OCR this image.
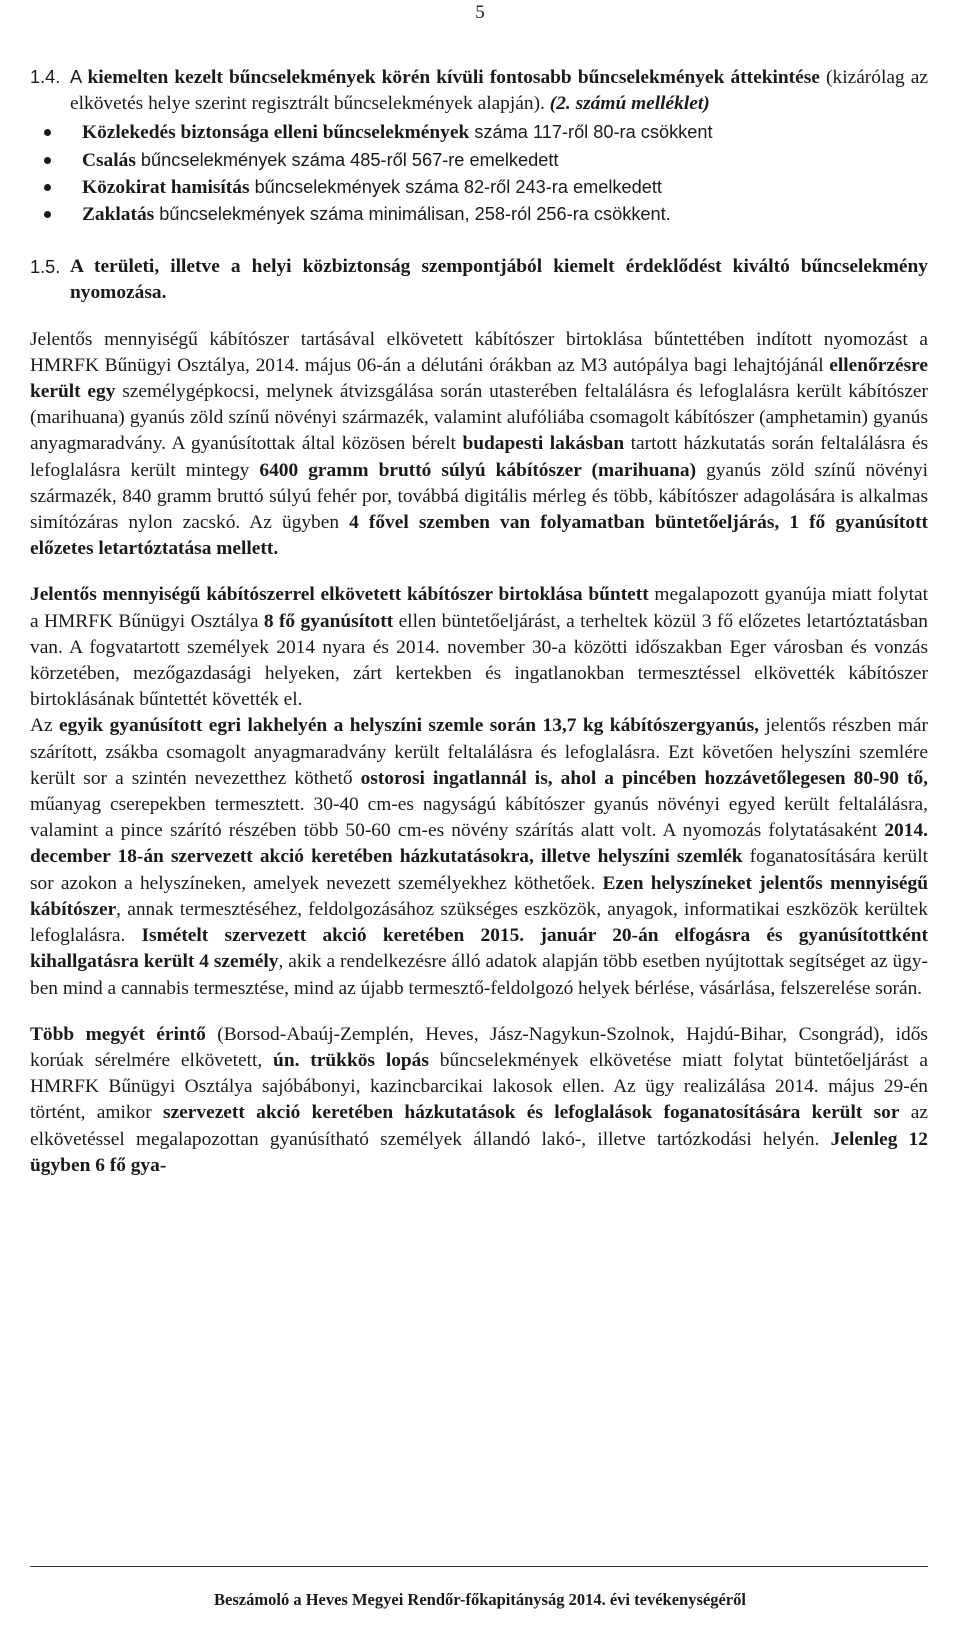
5
1.4. A kiemelten kezelt bűncselekmények körén kívüli fontosabb bűncselekmények áttekintése (kizárólag az elkövetés helye szerint regisztrált bűncselekmények alapján). (2. számú melléklet)

Közlekedés biztonsága elleni bűncselekmények száma 117-ről 80-ra csökkent
Csalás bűncselekmények száma 485-ről 567-re emelkedett
Közokirat hamisítás bűncselekmények száma 82-ről 243-ra emelkedett
Zaklatás bűncselekmények száma minimálisan, 258-ról 256-ra csökkent.
1.5. A területi, illetve a helyi közbiztonság szempontjából kiemelt érdeklődést kiváltó bűncselekmény nyomozása.

Jelentős mennyiségű kábítószer tartásával elkövetett kábítószer birtoklása bűntettében indított nyomozást a HMRFK Bűnügyi Osztálya, 2014. május 06-án a délutáni órákban az M3 autópálya bagi lehajtójánál ellenőrzésre került egy személygépkocsi, melynek átvizsgálása során utasterében feltalálásra és lefoglalásra került kábítószer (marihuana) gyanús zöld színű növényi származék, valamint alufóliába csomagolt kábítószer (amphetamin) gyanús anyagmaradvány. A gyanúsítottak által közösen bérelt budapesti lakásban tartott házkutatás során feltalálásra és lefoglalásra került mintegy 6400 gramm bruttó súlyú kábítószer (marihuana) gyanús zöld színű növényi származék, 840 gramm bruttó súlyú fehér por, továbbá digitális mérleg és több, kábítószer adagolására is alkalmas simítózáras nylon zacskó. Az ügyben 4 fővel szemben van folyamatban büntetőeljárás, 1 fő gyanúsított előzetes letartóztatása mellett.

Jelentős mennyiségű kábítószerrel elkövetett kábítószer birtoklása bűntett megalapozott gyanúja miatt folytat a HMRFK Bűnügyi Osztálya 8 fő gyanúsított ellen büntetőeljárást, a terheltek közül 3 fő előzetes letartóztatásban van. A fogvatartott személyek 2014 nyara és 2014. november 30-a közötti időszakban Eger városban és vonzás körzetében, mezőgazdasági helyeken, zárt kertekben és ingatlanokban termesztéssel elkövették kábítószer birtoklásának bűntettét követték el.

Az egyik gyanúsított egri lakhelyén a helyszíni szemle során 13,7 kg kábítószergyanús, jelentős részben már szárított, zsákba csomagolt anyagmaradvány került feltalálásra és lefoglalásra. Ezt követően helyszíni szemlére került sor a szintén nevezetthez köthető ostorosi ingatlannál is, ahol a pincében hozzávetőlegesen 80-90 tő, műanyag cserepekben termesztett. 30-40 cm-es nagyságú kábítószer gyanús növényi egyed került feltalálásra, valamint a pince szárító részében több 50-60 cm-es növény szárítás alatt volt. A nyomozás folytatásaként 2014. december 18-án szervezett akció keretében házkutatásokra, illetve helyszíni szemlék foganatosítására került sor azokon a helyszíneken, amelyek nevezett személyekhez köthetőek. Ezen helyszíneket jelentős mennyiségű kábítószer, annak termesztéséhez, feldolgozásához szükséges eszközök, anyagok, informatikai eszközök kerültek lefoglalásra. Ismételt szervezett akció keretében 2015. január 20-án elfogásra és gyanúsítottként kihallgatásra került 4 személy, akik a rendelkezésre álló adatok alapján több esetben nyújtottak segítséget az ügyben mind a cannabis termesztése, mind az újabb termesztő-feldolgozó helyek bérlése, vásárlása, felszerelése során.

Több megyét érintő (Borsod-Abaúj-Zemplén, Heves, Jász-Nagykun-Szolnok, Hajdú-Bihar, Csongrád), idős korúak sérelmére elkövetett, ún. trükkös lopás bűncselekmények elkövetése miatt folytat büntetőeljárást a HMRFK Bűnügyi Osztálya sajóbábonyi, kazincbarcikai lakosok ellen. Az ügy realizálása 2014. május 29-én történt, amikor szervezett akció keretében házkutatások és lefoglalások foganatosítására került sor az elkövetéssel megalapozottan gyanúsítható személyek állandó lakó-, illetve tartózkodási helyén. Jelenleg 12 ügyben 6 fő gya-

Beszámoló a Heves Megyei Rendőr-főkapitányság 2014. évi tevékenységéről
